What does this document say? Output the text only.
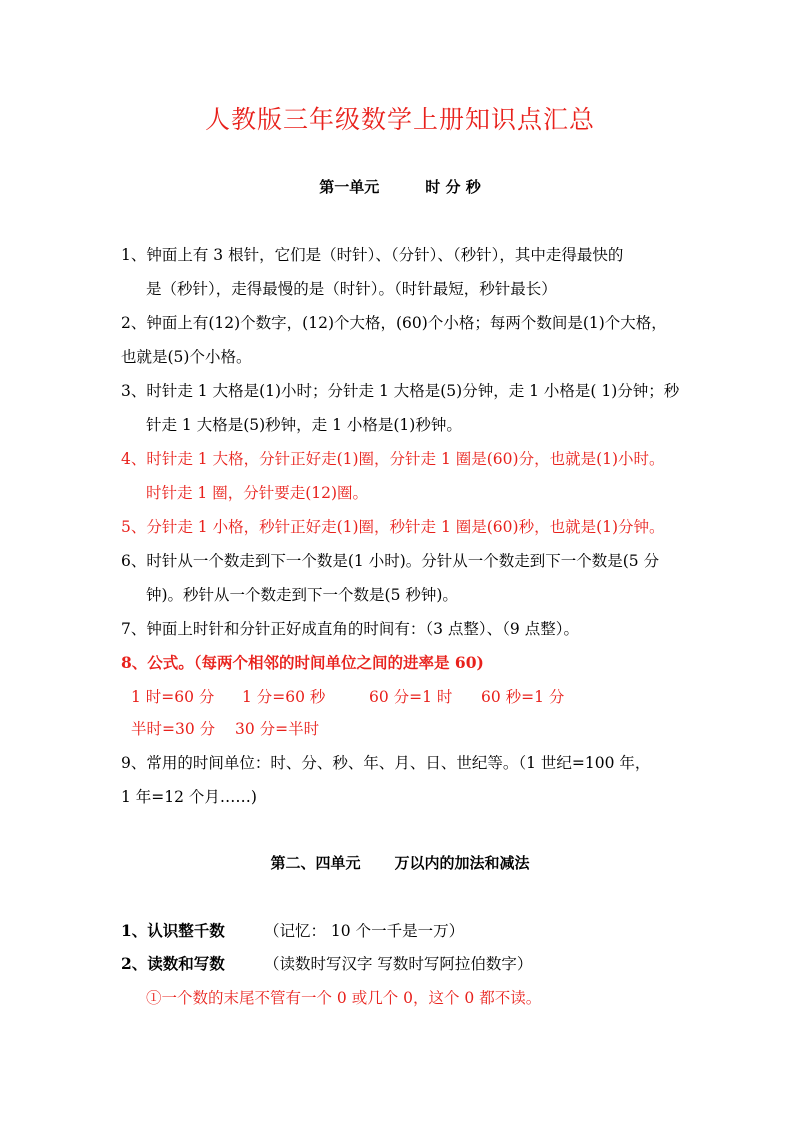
人教版三年级数学上册知识点汇总
第一单元	时 分 秒
1、钟面上有 3 根针，它们是（时针）、（分针）、（秒针），其中走得最快的
是（秒针），走得最慢的是（时针）。（时针最短，秒针最长）
2、钟面上有(12)个数字，(12)个大格，(60)个小格；每两个数间是(1)个大格，
也就是(5)个小格。
3、时针走 1 大格是(1)小时；分针走 1 大格是(5)分钟，走 1 小格是( 1)分钟；秒
针走 1 大格是(5)秒钟，走 1 小格是(1)秒钟。
4、时针走 1 大格，分针正好走(1)圈，分针走 1 圈是(60)分，也就是(1)小时。
时针走 1 圈，分针要走(12)圈。
5、分针走 1 小格，秒针正好走(1)圈，秒针走 1 圈是(60)秒，也就是(1)分钟。
6、时针从一个数走到下一个数是(1 小时)。分针从一个数走到下一个数是(5 分
钟)。秒针从一个数走到下一个数是(5 秒钟)。
7、钟面上时针和分针正好成直角的时间有：（3 点整）、（9 点整）。
8、公式。（每两个相邻的时间单位之间的进率是 60)
1 时=60 分 1 分=60 秒	60 分=1 时 60 秒=1 分
半时=30 分 30 分=半时
9、常用的时间单位：时、分、秒、年、月、日、世纪等。（1 世纪=100 年，
1 年=12 个月……)
第二、四单元 万以内的加法和减法
1、认识整千数	（记忆： 10 个一千是一万）
2、读数和写数	（读数时写汉字 写数时写阿拉伯数字）
①一个数的末尾不管有一个 0 或几个 0，这个 0 都不读。
